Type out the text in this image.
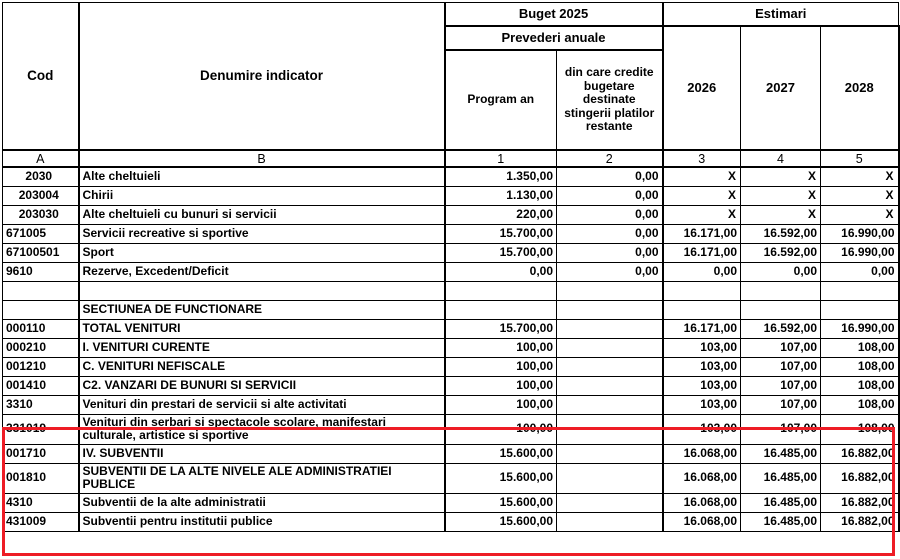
Cod	Denumire indicator	Buget 2025		Estimari		
		Prevederi anuale		2026	2027	2028
		Program an	din care credite bugetare destinate stingerii platilor restante			
A	B	1	2	3	4	5
2030	Alte cheltuieli	1.350,00	0,00	X	X	X
203004	Chirii	1.130,00	0,00	X	X	X
203030	Alte cheltuieli cu bunuri si servicii	220,00	0,00	X	X	X
671005	Servicii recreative si sportive	15.700,00	0,00	16.171,00	16.592,00	16.990,00
67100501	Sport	15.700,00	0,00	16.171,00	16.592,00	16.990,00
9610	Rezerve, Excedent/Deficit	0,00	0,00	0,00	0,00	0,00

	SECTIUNEA DE FUNCTIONARE					
000110	TOTAL VENITURI	15.700,00		16.171,00	16.592,00	16.990,00
000210	I. VENITURI CURENTE	100,00		103,00	107,00	108,00
001210	C. VENITURI NEFISCALE	100,00		103,00	107,00	108,00
001410	C2. VANZARI DE BUNURI SI SERVICII	100,00		103,00	107,00	108,00
3310	Venituri din prestari de servicii si alte activitati	100,00		103,00	107,00	108,00
331019	Venituri din serbari si spectacole scolare, manifestari culturale, artistice si sportive	100,00		103,00	107,00	108,00
001710	IV. SUBVENTII	15.600,00		16.068,00	16.485,00	16.882,00
001810	SUBVENTII DE LA ALTE NIVELE ALE ADMINISTRATIEI PUBLICE	15.600,00		16.068,00	16.485,00	16.882,00
4310	Subventii de la alte administratii	15.600,00		16.068,00	16.485,00	16.882,00
431009	Subventii pentru institutii publice	15.600,00		16.068,00	16.485,00	16.882,00
